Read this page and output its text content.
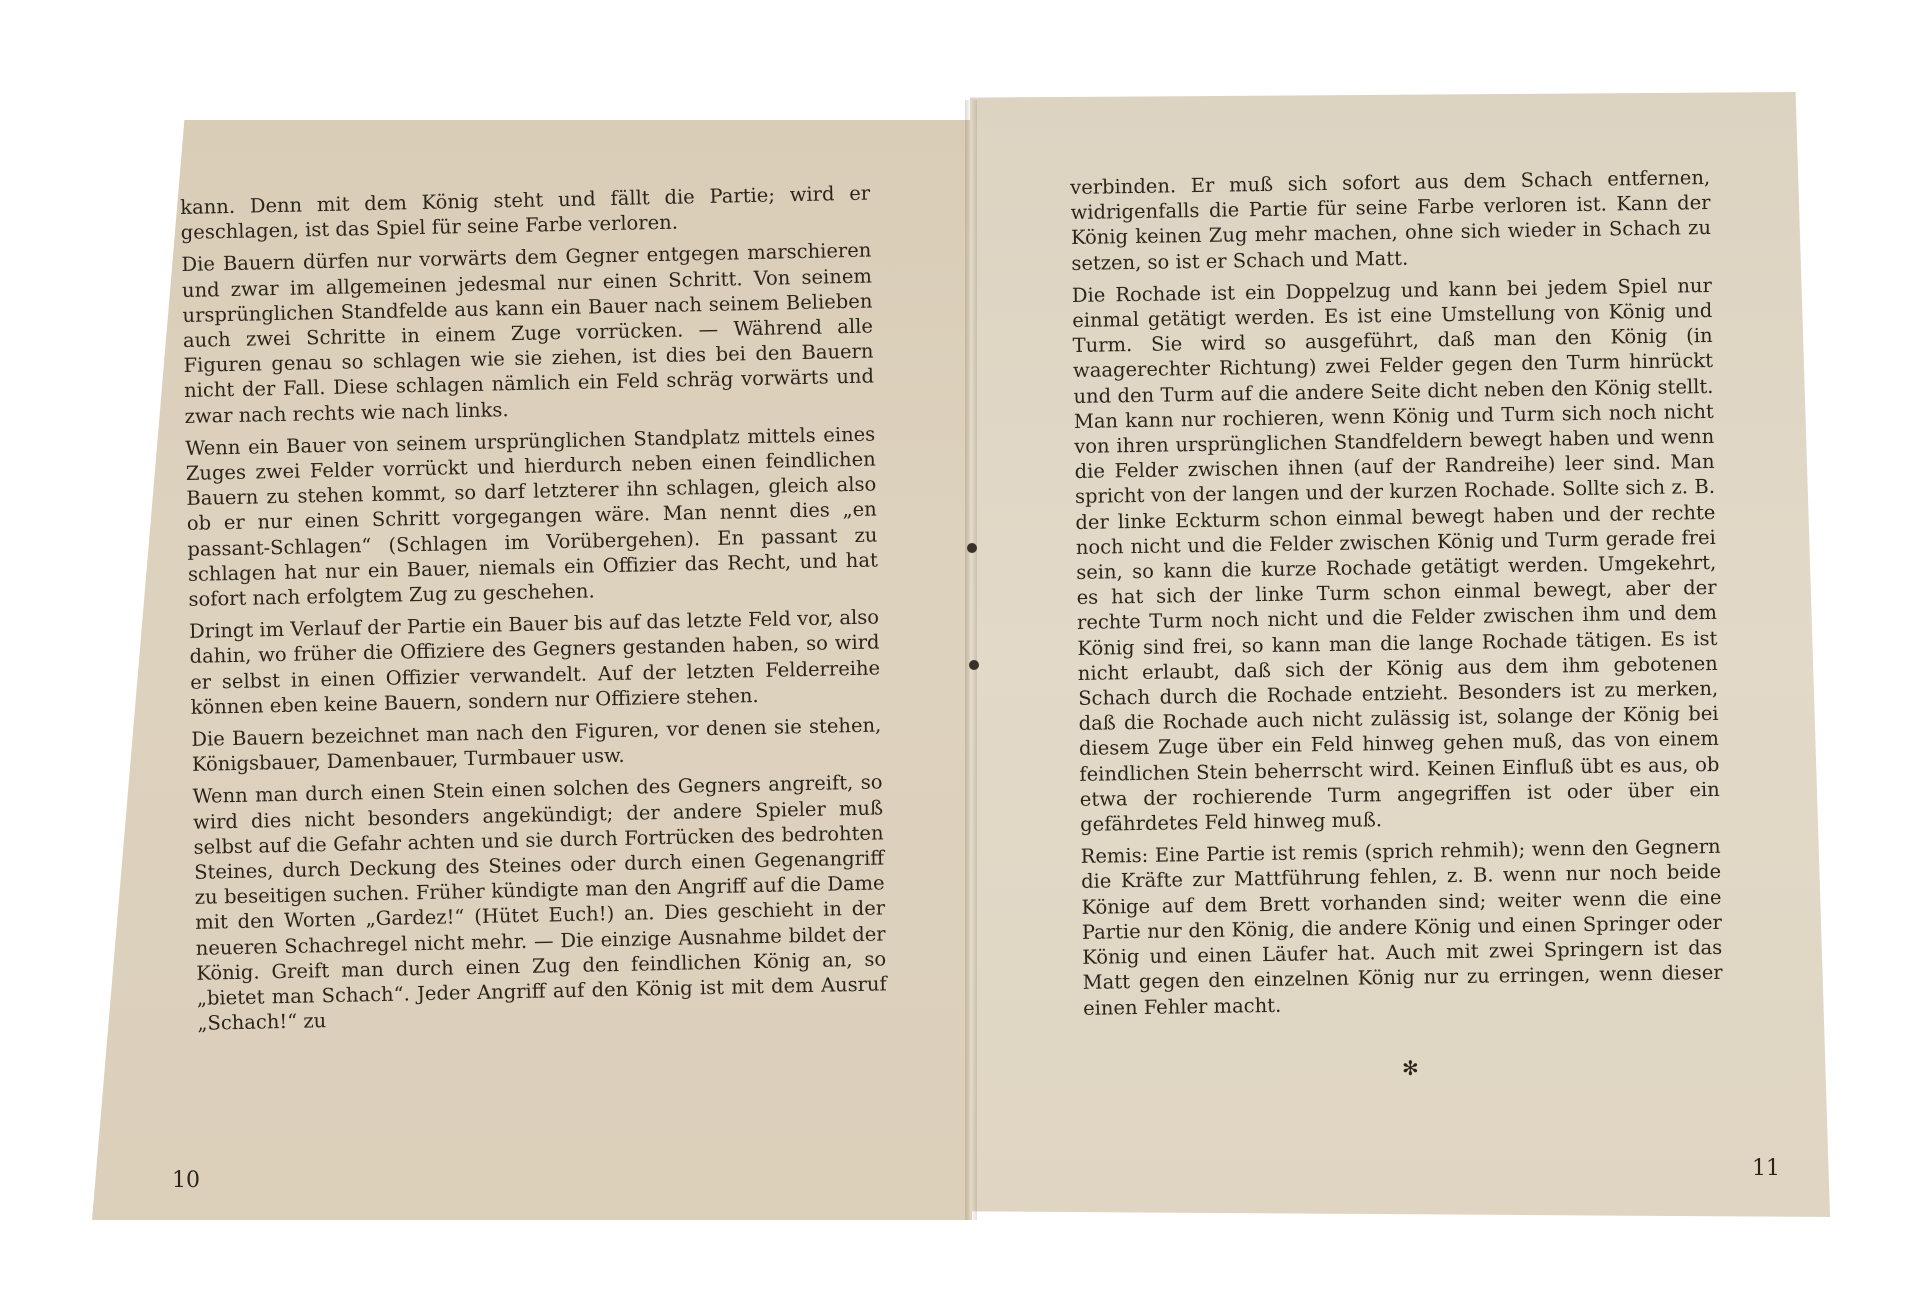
kann. Denn mit dem König steht und fällt die Partie; wird er geschlagen, ist das Spiel für seine Farbe verloren.

Die Bauern dürfen nur vorwärts dem Gegner entgegen marschieren und zwar im allgemeinen jedesmal nur einen Schritt. Von seinem ursprünglichen Standfelde aus kann ein Bauer nach seinem Belieben auch zwei Schritte in einem Zuge vorrücken. — Während alle Figuren genau so schlagen wie sie ziehen, ist dies bei den Bauern nicht der Fall. Diese schlagen nämlich ein Feld schräg vorwärts und zwar nach rechts wie nach links.

Wenn ein Bauer von seinem ursprünglichen Standplatz mittels eines Zuges zwei Felder vorrückt und hierdurch neben einen feindlichen Bauern zu stehen kommt, so darf letzterer ihn schlagen, gleich also ob er nur einen Schritt vorgegangen wäre. Man nennt dies „en passant-Schlagen“ (Schlagen im Vorübergehen). En passant zu schlagen hat nur ein Bauer, niemals ein Offizier das Recht, und hat sofort nach erfolgtem Zug zu geschehen.

Dringt im Verlauf der Partie ein Bauer bis auf das letzte Feld vor, also dahin, wo früher die Offiziere des Gegners gestanden haben, so wird er selbst in einen Offizier verwandelt. Auf der letzten Felderreihe können eben keine Bauern, sondern nur Offiziere stehen.

Die Bauern bezeichnet man nach den Figuren, vor denen sie stehen, Königsbauer, Damenbauer, Turmbauer usw.

Wenn man durch einen Stein einen solchen des Gegners angreift, so wird dies nicht besonders angekündigt; der andere Spieler muß selbst auf die Gefahr achten und sie durch Fortrücken des bedrohten Steines, durch Deckung des Steines oder durch einen Gegenangriff zu beseitigen suchen. Früher kündigte man den Angriff auf die Dame mit den Worten „Gardez!“ (Hütet Euch!) an. Dies geschieht in der neueren Schachregel nicht mehr. — Die einzige Ausnahme bildet der König. Greift man durch einen Zug den feindlichen König an, so „bietet man Schach“. Jeder Angriff auf den König ist mit dem Ausruf „Schach!“ zu

verbinden. Er muß sich sofort aus dem Schach entfernen, widrigenfalls die Partie für seine Farbe verloren ist. Kann der König keinen Zug mehr machen, ohne sich wieder in Schach zu setzen, so ist er Schach und Matt.

Die Rochade ist ein Doppelzug und kann bei jedem Spiel nur einmal getätigt werden. Es ist eine Umstellung von König und Turm. Sie wird so ausgeführt, daß man den König (in waagerechter Richtung) zwei Felder gegen den Turm hinrückt und den Turm auf die andere Seite dicht neben den König stellt. Man kann nur rochieren, wenn König und Turm sich noch nicht von ihren ursprünglichen Standfeldern bewegt haben und wenn die Felder zwischen ihnen (auf der Randreihe) leer sind. Man spricht von der langen und der kurzen Rochade. Sollte sich z. B. der linke Eckturm schon einmal bewegt haben und der rechte noch nicht und die Felder zwischen König und Turm gerade frei sein, so kann die kurze Rochade getätigt werden. Umgekehrt, es hat sich der linke Turm schon einmal bewegt, aber der rechte Turm noch nicht und die Felder zwischen ihm und dem König sind frei, so kann man die lange Rochade tätigen. Es ist nicht erlaubt, daß sich der König aus dem ihm gebotenen Schach durch die Rochade entzieht. Besonders ist zu merken, daß die Rochade auch nicht zulässig ist, solange der König bei diesem Zuge über ein Feld hinweg gehen muß, das von einem feindlichen Stein beherrscht wird. Keinen Einfluß übt es aus, ob etwa der rochierende Turm angegriffen ist oder über ein gefährdetes Feld hinweg muß.

Remis: Eine Partie ist remis (sprich rehmih); wenn den Gegnern die Kräfte zur Mattführung fehlen, z. B. wenn nur noch beide Könige auf dem Brett vorhanden sind; weiter wenn die eine Partie nur den König, die andere König und einen Springer oder König und einen Läufer hat. Auch mit zwei Springern ist das Matt gegen den einzelnen König nur zu erringen, wenn dieser einen Fehler macht.

✻
10	11
